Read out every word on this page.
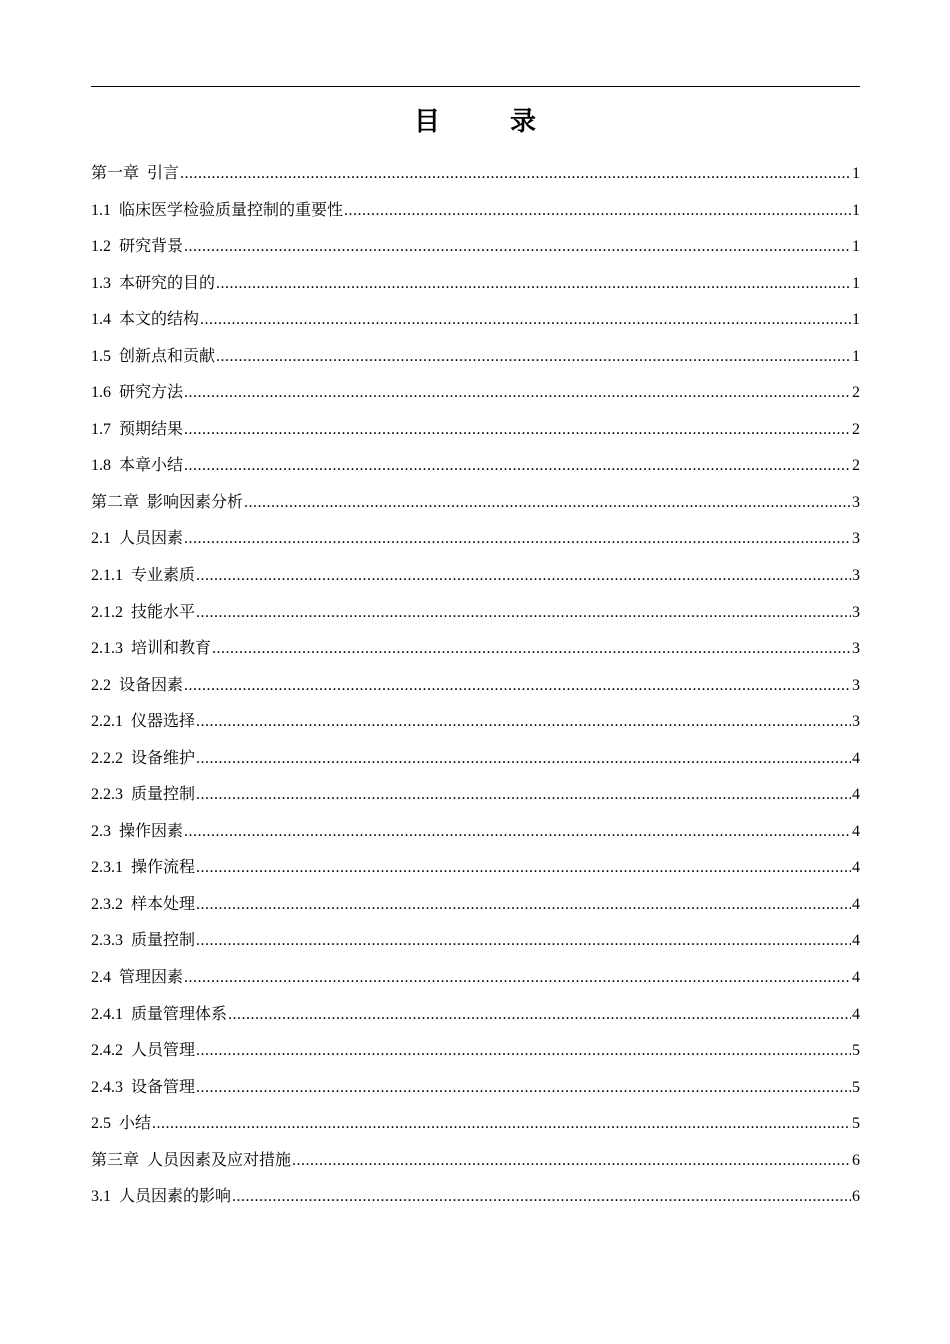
目　录
第一章  引言 .....	1
1.1  临床医学检验质量控制的重要性 .....	1
1.2  研究背景 .....	1
1.3  本研究的目的 .....	1
1.4  本文的结构 .....	1
1.5  创新点和贡献 .....	1
1.6  研究方法 .....	2
1.7  预期结果 .....	2
1.8  本章小结 .....	2
第二章  影响因素分析 .....	3
2.1  人员因素 .....	3
2.1.1  专业素质 .....	3
2.1.2  技能水平 .....	3
2.1.3  培训和教育 .....	3
2.2  设备因素 .....	3
2.2.1  仪器选择 .....	3
2.2.2  设备维护 .....	4
2.2.3  质量控制 .....	4
2.3  操作因素 .....	4
2.3.1  操作流程 .....	4
2.3.2  样本处理 .....	4
2.3.3  质量控制 .....	4
2.4  管理因素 .....	4
2.4.1  质量管理体系 .....	4
2.4.2  人员管理 .....	5
2.4.3  设备管理 .....	5
2.5  小结 .....	5
第三章  人员因素及应对措施 .....	6
3.1  人员因素的影响 .....	6
